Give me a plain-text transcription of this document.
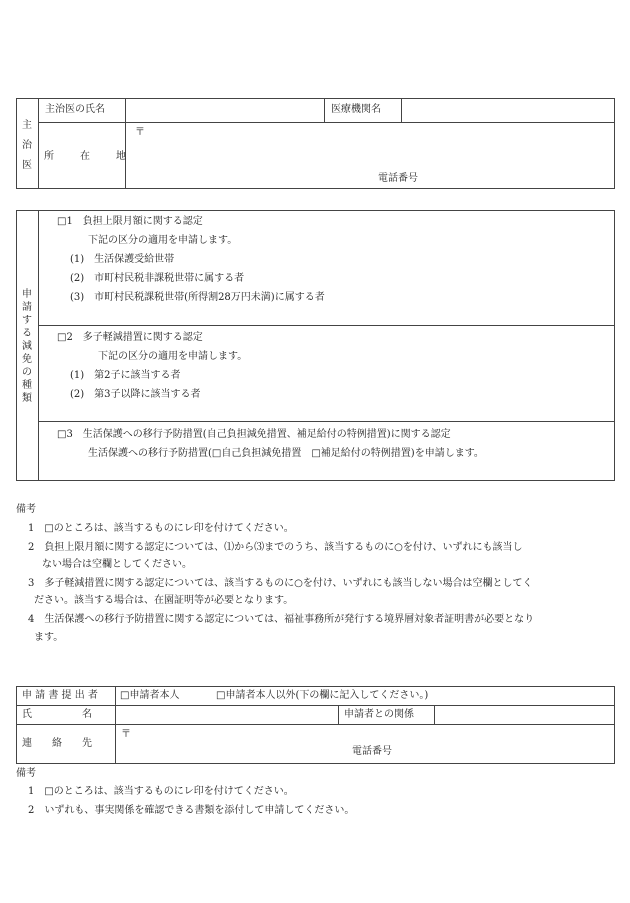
主
治
医
主治医の氏名	医療機関名
所　在　地
〒
電話番号
申
請
す
る
減
免
の
種
類
□1　負担上限月額に関する認定
下記の区分の適用を申請します。
(1)　生活保護受給世帯
(2)　市町村民税非課税世帯に属する者
(3)　市町村民税課税世帯(所得割28万円未満)に属する者
□2　多子軽減措置に関する認定
下記の区分の適用を申請します。
(1)　第2子に該当する者
(2)　第3子以降に該当する者
□3　生活保護への移行予防措置(自己負担減免措置、補足給付の特例措置)に関する認定
生活保護への移行予防措置(□自己負担減免措置　□補足給付の特例措置)を申請します。
備考
1　□のところは、該当するものにレ印を付けてください。
2　負担上限月額に関する認定については、⑴から⑶までのうち、該当するものに○を付け、いずれにも該当し
ない場合は空欄としてください。
3　多子軽減措置に関する認定については、該当するものに○を付け、いずれにも該当しない場合は空欄としてく
ださい。該当する場合は、在園証明等が必要となります。
4　生活保護への移行予防措置に関する認定については、福祉事務所が発行する境界層対象者証明書が必要となり
ます。
申 請 書 提 出 者 □申請者本人	□申請者本人以外(下の欄に記入してください。)
氏　　　　　名	申請者との関係
連　　絡　　先
〒
電話番号
備考
1　□のところは、該当するものにレ印を付けてください。
2　いずれも、事実関係を確認できる書類を添付して申請してください。
